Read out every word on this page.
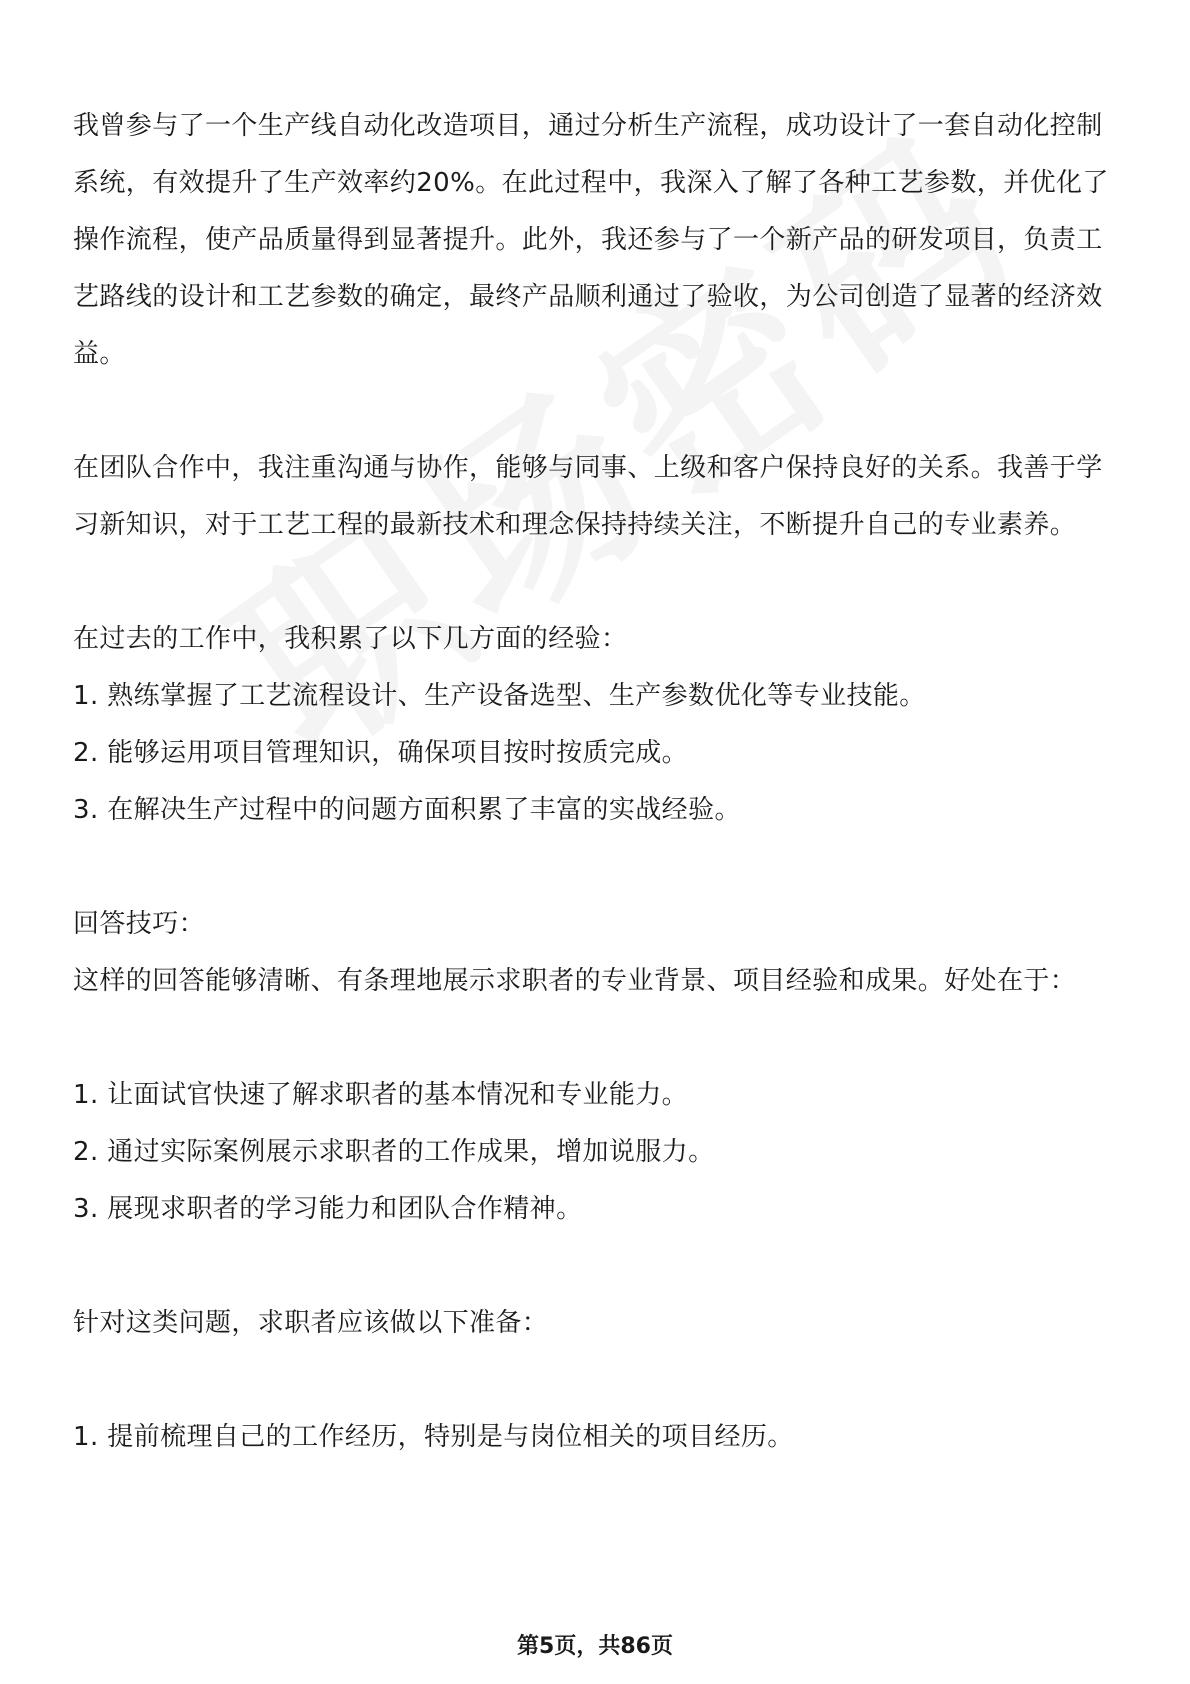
我曾参与了一个生产线自动化改造项目，通过分析生产流程，成功设计了一套自动化控制系统，有效提升了生产效率约20%。在此过程中，我深入了解了各种工艺参数，并优化了操作流程，使产品质量得到显著提升。此外，我还参与了一个新产品的研发项目，负责工艺路线的设计和工艺参数的确定，最终产品顺利通过了验收，为公司创造了显著的经济效益。

在团队合作中，我注重沟通与协作，能够与同事、上级和客户保持良好的关系。我善于学习新知识，对于工艺工程的最新技术和理念保持持续关注，不断提升自己的专业素养。

在过去的工作中，我积累了以下几方面的经验：

1. 熟练掌握了工艺流程设计、生产设备选型、生产参数优化等专业技能。

2. 能够运用项目管理知识，确保项目按时按质完成。

3. 在解决生产过程中的问题方面积累了丰富的实战经验。

回答技巧：

这样的回答能够清晰、有条理地展示求职者的专业背景、项目经验和成果。好处在于：

1. 让面试官快速了解求职者的基本情况和专业能力。

2. 通过实际案例展示求职者的工作成果，增加说服力。

3. 展现求职者的学习能力和团队合作精神。

针对这类问题，求职者应该做以下准备：

1. 提前梳理自己的工作经历，特别是与岗位相关的项目经历。

第5页，共86页
